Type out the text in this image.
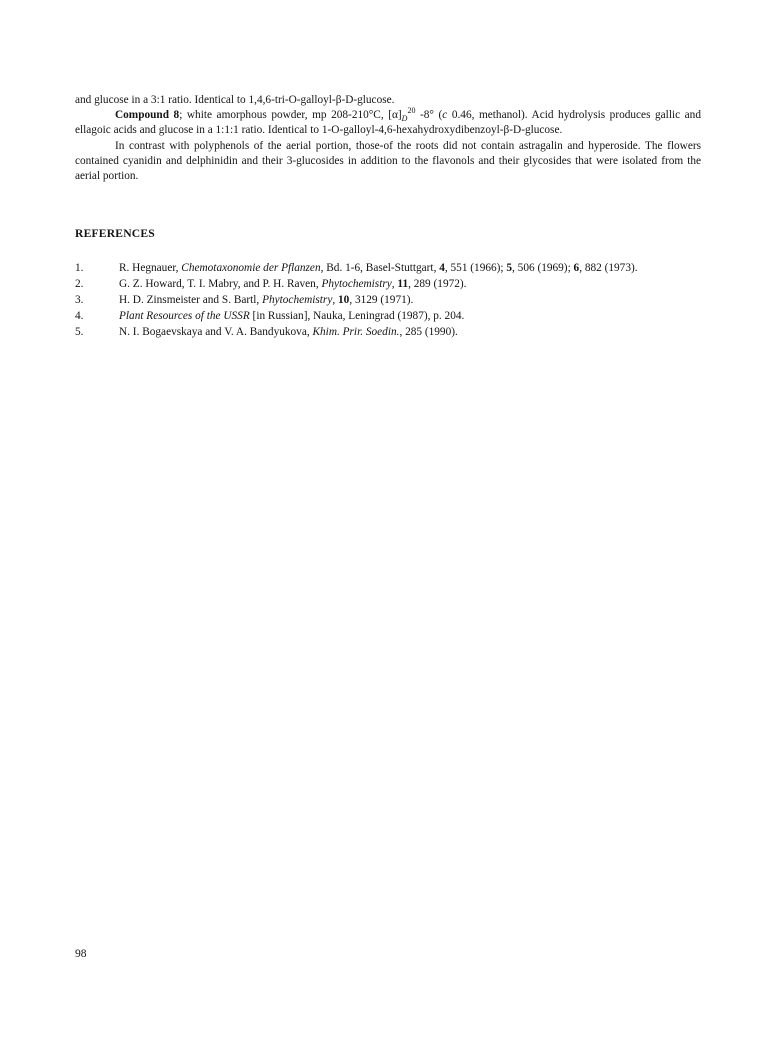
and glucose in a 3:1 ratio. Identical to 1,4,6-tri-O-galloyl-β-D-glucose.

Compound 8; white amorphous powder, mp 208-210°C, $[\alpha]_D^{20}$ -8° (c 0.46, methanol). Acid hydrolysis produces gallic and ellagoic acids and glucose in a 1:1:1 ratio. Identical to 1-O-galloyl-4,6-hexahydroxydibenzoyl-β-D-glucose.

In contrast with polyphenols of the aerial portion, those-of the roots did not contain astragalin and hyperoside. The flowers contained cyanidin and delphinidin and their 3-glucosides in addition to the flavonols and their glycosides that were isolated from the aerial portion.

REFERENCES
1.	R. Hegnauer, Chemotaxonomie der Pflanzen, Bd. 1-6, Basel-Stuttgart, 4, 551 (1966); 5, 506 (1969); 6, 882 (1973).
2.	G. Z. Howard, T. I. Mabry, and P. H. Raven, Phytochemistry, 11, 289 (1972).
3.	H. D. Zinsmeister and S. Bartl, Phytochemistry, 10, 3129 (1971).
4.	Plant Resources of the USSR [in Russian], Nauka, Leningrad (1987), p. 204.
5.	N. I. Bogaevskaya and V. A. Bandyukova, Khim. Prir. Soedin., 285 (1990).

98
